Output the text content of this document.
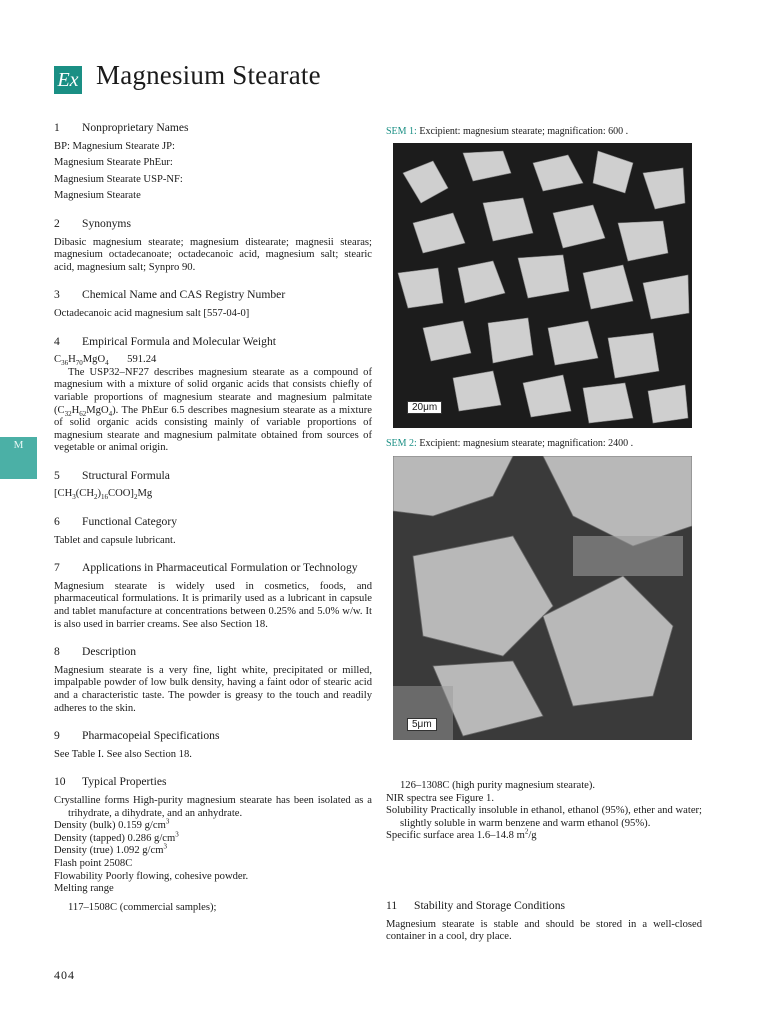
Ex Magnesium Stearate
M
1	Nonproprietary Names
BP: Magnesium Stearate JP:
Magnesium Stearate PhEur:
Magnesium Stearate USP-NF:
Magnesium Stearate
2	Synonyms
Dibasic magnesium stearate; magnesium distearate; magnesii stearas; magnesium octadecanoate; octadecanoic acid, magnesium salt; stearic acid, magnesium salt; Synpro 90.
3	Chemical Name and CAS Registry Number
Octadecanoic acid magnesium salt [557-04-0]
4	Empirical Formula and Molecular Weight
$C_{36}H_{70}MgO_4$ 591.24
The USP32–NF27 describes magnesium stearate as a compound of magnesium with a mixture of solid organic acids that consists chiefly of variable proportions of magnesium stearate and magnesium palmitate $(C_{32}H_{62}MgO_4)$. The PhEur 6.5 describes magnesium stearate as a mixture of solid organic acids consisting mainly of variable proportions of magnesium stearate and magnesium palmitate obtained from sources of vegetable or animal origin.
5	Structural Formula
$[CH_3(CH_2)_{16}COO]_2Mg$
6	Functional Category
Tablet and capsule lubricant.
7	Applications in Pharmaceutical Formulation or Technology
Magnesium stearate is widely used in cosmetics, foods, and pharmaceutical formulations. It is primarily used as a lubricant in capsule and tablet manufacture at concentrations between 0.25% and 5.0% w/w. It is also used in barrier creams. See also Section 18.
8	Description
Magnesium stearate is a very fine, light white, precipitated or milled, impalpable powder of low bulk density, having a faint odor of stearic acid and a characteristic taste. The powder is greasy to the touch and readily adheres to the skin.
9	Pharmacopeial Specifications
See Table I. See also Section 18.
10	Typical Properties
Crystalline forms High-purity magnesium stearate has been isolated as a trihydrate, a dihydrate, and an anhydrate.
Density (bulk) 0.159 $g/cm^3$
Density (tapped) 0.286 $g/cm^3$
Density (true) 1.092 $g/cm^3$
Flash point 2508C
Flowability Poorly flowing, cohesive powder.
Melting range
117–1508C (commercial samples);
SEM 1: Excipient: magnesium stearate; magnification: 600 .
20μm
SEM 2: Excipient: magnesium stearate; magnification: 2400 .
5μm
126–1308C (high purity magnesium stearate).
NIR spectra see Figure 1.
Solubility Practically insoluble in ethanol, ethanol (95%), ether and water; slightly soluble in warm benzene and warm ethanol (95%).
Specific surface area 1.6–14.8 $m^2/g$
11	Stability and Storage Conditions
Magnesium stearate is stable and should be stored in a well-closed container in a cool, dry place.
404
